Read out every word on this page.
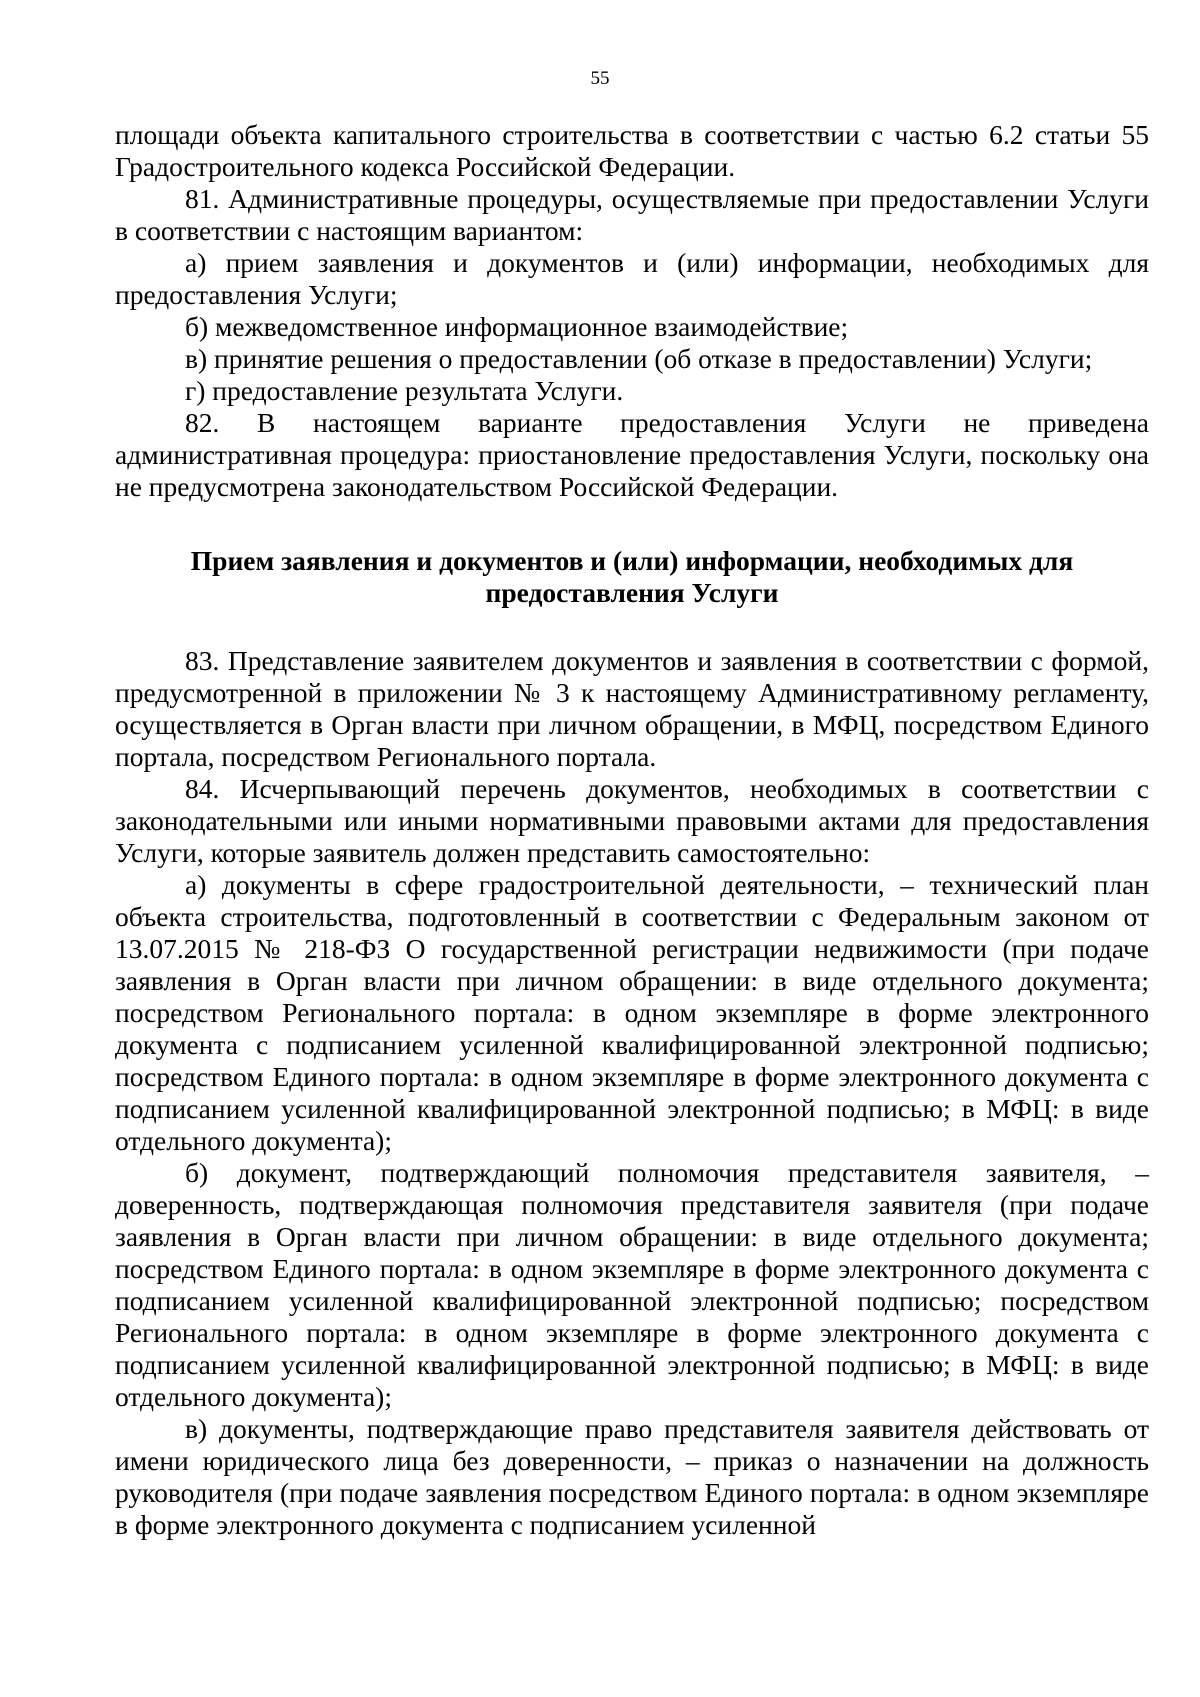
55

площади объекта капитального строительства в соответствии с частью 6.2 статьи 55 Градостроительного кодекса Российской Федерации.

81. Административные процедуры, осуществляемые при предоставлении Услуги в соответствии с настоящим вариантом:

а) прием заявления и документов и (или) информации, необходимых для предоставления Услуги;

б) межведомственное информационное взаимодействие;

в) принятие решения о предоставлении (об отказе в предоставлении) Услуги;

г) предоставление результата Услуги.

82. В настоящем варианте предоставления Услуги не приведена административная процедура: приостановление предоставления Услуги, поскольку она не предусмотрена законодательством Российской Федерации.

Прием заявления и документов и (или) информации, необходимых для
предоставления Услуги

83. Представление заявителем документов и заявления в соответствии с формой, предусмотренной в приложении № 3 к настоящему Административному регламенту, осуществляется в Орган власти при личном обращении, в МФЦ, посредством Единого портала, посредством Регионального портала.

84. Исчерпывающий перечень документов, необходимых в соответствии с законодательными или иными нормативными правовыми актами для предоставления Услуги, которые заявитель должен представить самостоятельно:

а) документы в сфере градостроительной деятельности, – технический план объекта строительства, подготовленный в соответствии с Федеральным законом от 13.07.2015 № 218-ФЗ О государственной регистрации недвижимости (при подаче заявления в Орган власти при личном обращении: в виде отдельного документа; посредством Регионального портала: в одном экземпляре в форме электронного документа с подписанием усиленной квалифицированной электронной подписью; посредством Единого портала: в одном экземпляре в форме электронного документа с подписанием усиленной квалифицированной электронной подписью; в МФЦ: в виде отдельного документа);

б) документ, подтверждающий полномочия представителя заявителя, – доверенность, подтверждающая полномочия представителя заявителя (при подаче заявления в Орган власти при личном обращении: в виде отдельного документа; посредством Единого портала: в одном экземпляре в форме электронного документа с подписанием усиленной квалифицированной электронной подписью; посредством Регионального портала: в одном экземпляре в форме электронного документа с подписанием усиленной квалифицированной электронной подписью; в МФЦ: в виде отдельного документа);

в) документы, подтверждающие право представителя заявителя действовать от имени юридического лица без доверенности, – приказ о назначении на должность руководителя (при подаче заявления посредством Единого портала: в одном экземпляре в форме электронного документа с подписанием усиленной
